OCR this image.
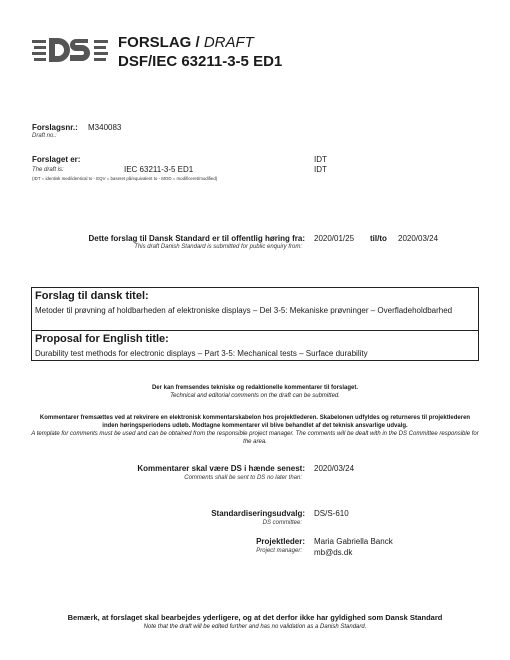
FORSLAG / DRAFT
DSF/IEC 63211-3-5 ED1
Forslagsnr.: M340083
Draft no.:
Forslaget er:
The draft is:	IEC 63211-3-5 ED1
IDT
IDT
(IDT = identisk med/identical to - EQV = baseret på/equivalent to - MOD = modificeret/modified)
Dette forslag til Dansk Standard er til offentlig høring fra:
This draft Danish Standard is submitted for public enquiry from:
2020/01/25 til/to 2020/03/24
Forslag til dansk titel:
Metoder til prøvning af holdbarheden af elektroniske displays – Del 3-5: Mekaniske prøvninger – Overfladeholdbarhed
Proposal for English title:
Durability test methods for electronic displays – Part 3-5: Mechanical tests – Surface durability
Der kan fremsendes tekniske og redaktionelle kommentarer til forslaget.
Technical and editorial comments on the draft can be submitted.
Kommentarer fremsættes ved at rekvirere en elektronisk kommentarskabelon hos projektlederen. Skabelonen udfyldes og returneres til projektlederen inden høringsperiodens udløb. Modtagne kommentarer vil blive behandlet af det teknisk ansvarlige udvalg.
A template for comments must be used and can be obtained from the responsible project manager. The comments will be dealt with in the DS Committee responsible for the area.
Kommentarer skal være DS i hænde senest:
Comments shall be sent to DS no later than:
2020/03/24
Standardiseringsudvalg:
DS committee:
DS/S-610
Projektleder:
Project manager:
Maria Gabriella Banck
mb@ds.dk
Bemærk, at forslaget skal bearbejdes yderligere, og at det derfor ikke har gyldighed som Dansk Standard
Note that the draft will be edited further and has no validation as a Danish Standard.
